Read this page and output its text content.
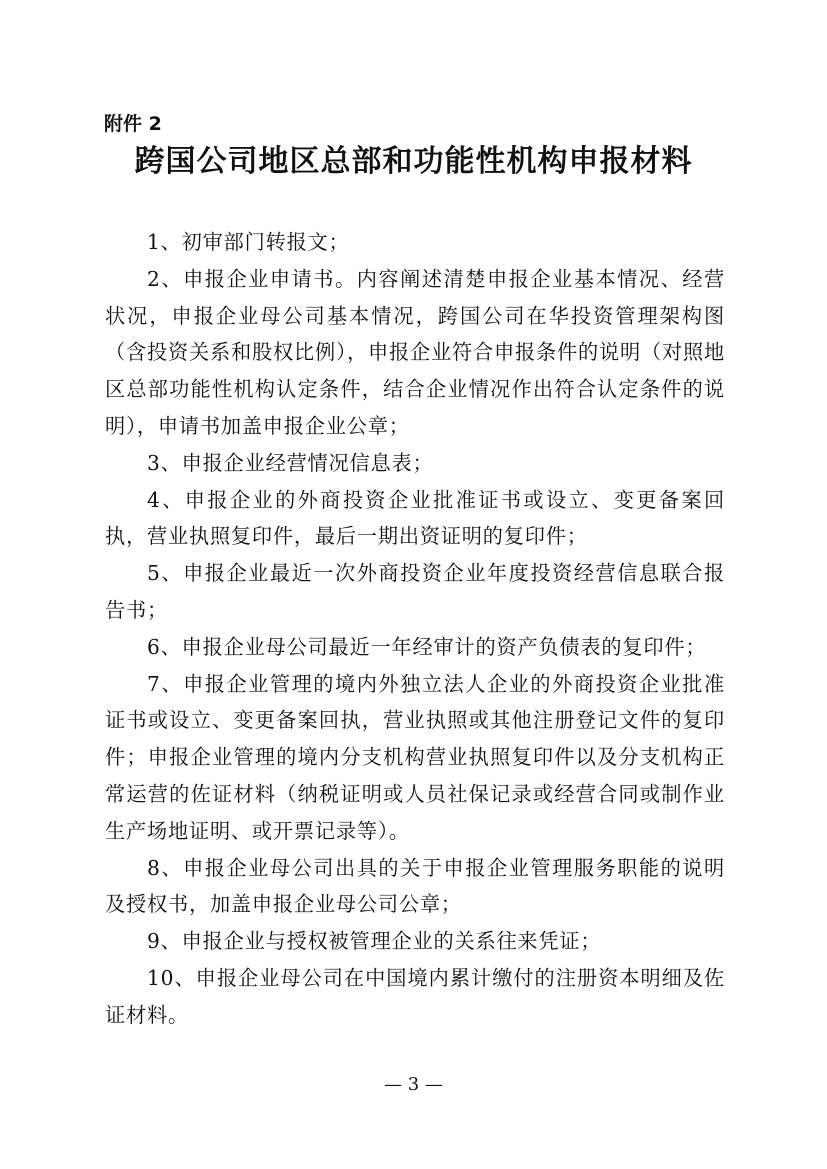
附件 2
跨国公司地区总部和功能性机构申报材料

1、初审部门转报文；

2、申报企业申请书。内容阐述清楚申报企业基本情况、经营状况，申报企业母公司基本情况，跨国公司在华投资管理架构图（含投资关系和股权比例），申报企业符合申报条件的说明（对照地区总部功能性机构认定条件，结合企业情况作出符合认定条件的说明），申请书加盖申报企业公章；

3、申报企业经营情况信息表；

4、申报企业的外商投资企业批准证书或设立、变更备案回执，营业执照复印件，最后一期出资证明的复印件；

5、申报企业最近一次外商投资企业年度投资经营信息联合报告书；

6、申报企业母公司最近一年经审计的资产负债表的复印件；

7、申报企业管理的境内外独立法人企业的外商投资企业批准证书或设立、变更备案回执，营业执照或其他注册登记文件的复印件；申报企业管理的境内分支机构营业执照复印件以及分支机构正常运营的佐证材料（纳税证明或人员社保记录或经营合同或制作业生产场地证明、或开票记录等）。

8、申报企业母公司出具的关于申报企业管理服务职能的说明及授权书，加盖申报企业母公司公章；

9、申报企业与授权被管理企业的关系往来凭证；

10、申报企业母公司在中国境内累计缴付的注册资本明细及佐证材料。

— 3 —
